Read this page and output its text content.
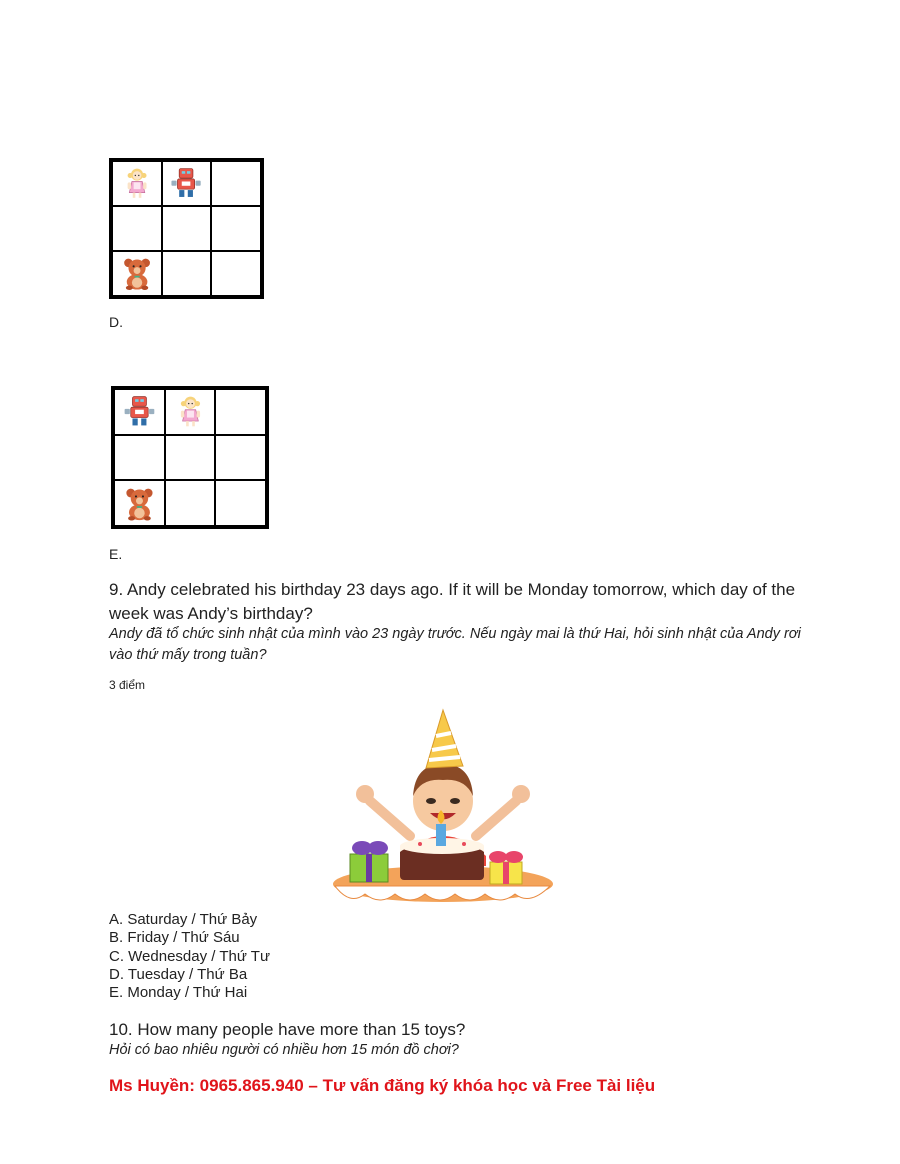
D.
E.
9. Andy celebrated his birthday 23 days ago. If it will be Monday tomorrow, which day of the week was Andy’s birthday?
Andy đã tổ chức sinh nhật của mình vào 23 ngày trước. Nếu ngày mai là thứ Hai, hỏi sinh nhật của Andy rơi vào thứ mấy trong tuần?
3 điểm
A. Saturday / Thứ Bảy
B. Friday / Thứ Sáu
C. Wednesday / Thứ Tư
D. Tuesday / Thứ Ba
E. Monday / Thứ Hai
10. How many people have more than 15 toys?
Hỏi có bao nhiêu người có nhiều hơn 15 món đồ chơi?
Ms Huyền: 0965.865.940 – Tư vấn đăng ký khóa học và Free Tài liệu
